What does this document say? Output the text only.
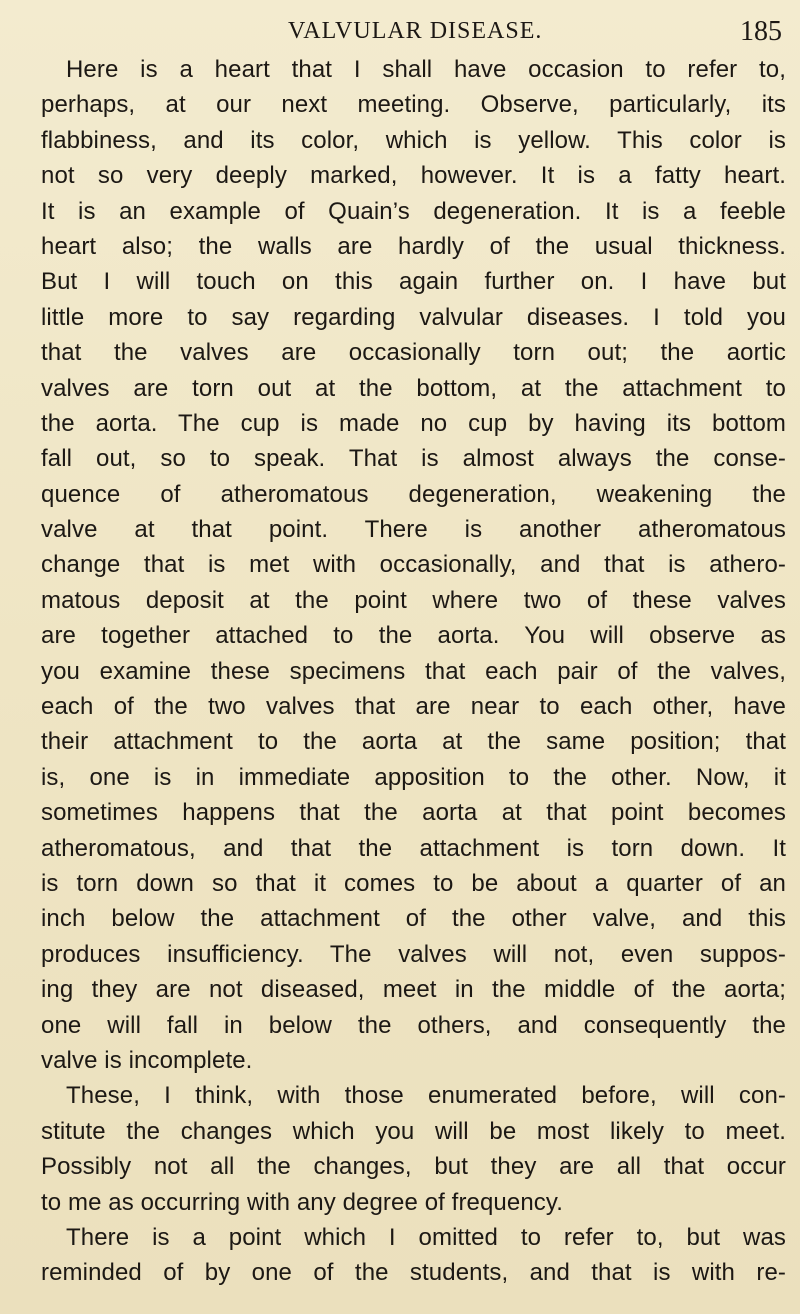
VALVULAR DISEASE.	185
Here is a heart that I shall have occasion to refer to,
perhaps, at our next meeting. Observe, particularly, its
flabbiness, and its color, which is yellow. This color is
not so very deeply marked, however. It is a fatty heart.
It is an example of Quain’s degeneration. It is a feeble
heart also; the walls are hardly of the usual thickness.
But I will touch on this again further on. I have but
little more to say regarding valvular diseases. I told you
that the valves are occasionally torn out; the aortic
valves are torn out at the bottom, at the attachment to
the aorta. The cup is made no cup by having its bottom
fall out, so to speak. That is almost always the conse-
quence of atheromatous degeneration, weakening the
valve at that point. There is another atheromatous
change that is met with occasionally, and that is athero-
matous deposit at the point where two of these valves
are together attached to the aorta. You will observe as
you examine these specimens that each pair of the valves,
each of the two valves that are near to each other, have
their attachment to the aorta at the same position; that
is, one is in immediate apposition to the other. Now, it
sometimes happens that the aorta at that point becomes
atheromatous, and that the attachment is torn down. It
is torn down so that it comes to be about a quarter of an
inch below the attachment of the other valve, and this
produces insufficiency. The valves will not, even suppos-
ing they are not diseased, meet in the middle of the aorta;
one will fall in below the others, and consequently the
valve is incomplete.
These, I think, with those enumerated before, will con-
stitute the changes which you will be most likely to meet.
Possibly not all the changes, but they are all that occur
to me as occurring with any degree of frequency.
There is a point which I omitted to refer to, but was
reminded of by one of the students, and that is with re-
